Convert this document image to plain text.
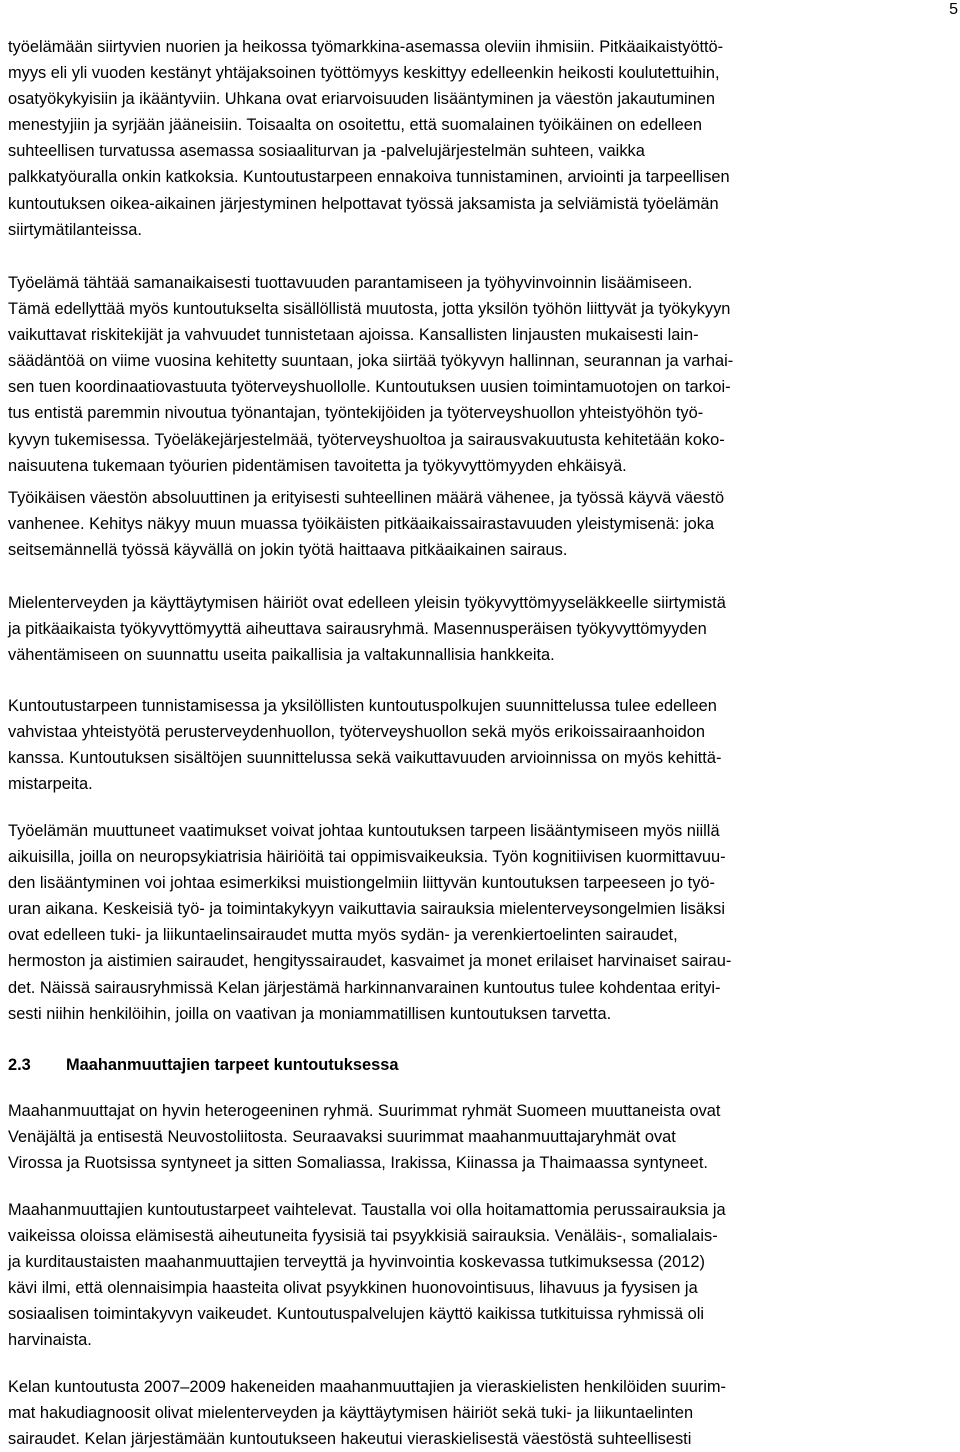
5
työelämään siirtyvien nuorien ja heikossa työmarkkina-asemassa oleviin ihmisiin. Pitkäaikaistyöttö-
myys eli yli vuoden kestänyt yhtäjaksoinen työttömyys keskittyy edelleenkin heikosti koulutettuihin,
osatyökykyisiin ja ikääntyviin. Uhkana ovat eriarvoisuuden lisääntyminen ja väestön jakautuminen
menestyjiin ja syrjään jääneisiin. Toisaalta on osoitettu, että suomalainen työikäinen on edelleen
suhteellisen turvatussa asemassa sosiaaliturvan ja -palvelujärjestelmän suhteen, vaikka
palkkatyöuralla onkin katkoksia. Kuntoutustarpeen ennakoiva tunnistaminen, arviointi ja tarpeellisen
kuntoutuksen oikea-aikainen järjestyminen helpottavat työssä jaksamista ja selviämistä työelämän
siirtymätilanteissa.
Työelämä tähtää samanaikaisesti tuottavuuden parantamiseen ja työhyvinvoinnin lisäämiseen.
Tämä edellyttää myös kuntoutukselta sisällöllistä muutosta, jotta yksilön työhön liittyvät ja työkykyyn
vaikuttavat riskitekijät ja vahvuudet tunnistetaan ajoissa. Kansallisten linjausten mukaisesti lain-
säädäntöä on viime vuosina kehitetty suuntaan, joka siirtää työkyvyn hallinnan, seurannan ja varhai-
sen tuen koordinaatiovastuuta työterveyshuollolle. Kuntoutuksen uusien toimintamuotojen on tarkoi-
tus entistä paremmin nivoutua työnantajan, työntekijöiden ja työterveyshuollon yhteistyöhön työ-
kyvyn tukemisessa. Työeläkejärjestelmää, työterveyshuoltoa ja sairausvakuutusta kehitetään koko-
naisuutena tukemaan työurien pidentämisen tavoitetta ja työkyvyttömyyden ehkäisyä.
Työikäisen väestön absoluuttinen ja erityisesti suhteellinen määrä vähenee, ja työssä käyvä väestö
vanhenee. Kehitys näkyy muun muassa työikäisten pitkäaikaissairastavuuden yleistymisenä: joka
seitsemännellä työssä käyvällä on jokin työtä haittaava pitkäaikainen sairaus.
Mielenterveyden ja käyttäytymisen häiriöt ovat edelleen yleisin työkyvyttömyyseläkkeelle siirtymistä
ja pitkäaikaista työkyvyttömyyttä aiheuttava sairausryhmä. Masennusperäisen työkyvyttömyyden
vähentämiseen on suunnattu useita paikallisia ja valtakunnallisia hankkeita.
Kuntoutustarpeen tunnistamisessa ja yksilöllisten kuntoutuspolkujen suunnittelussa tulee edelleen
vahvistaa yhteistyötä perusterveydenhuollon, työterveyshuollon sekä myös erikoissairaanhoidon
kanssa. Kuntoutuksen sisältöjen suunnittelussa sekä vaikuttavuuden arvioinnissa on myös kehittä-
mistarpeita.
Työelämän muuttuneet vaatimukset voivat johtaa kuntoutuksen tarpeen lisääntymiseen myös niillä
aikuisilla, joilla on neuropsykiatrisia häiriöitä tai oppimisvaikeuksia. Työn kognitiivisen kuormittavuu-
den lisääntyminen voi johtaa esimerkiksi muistiongelmiin liittyvän kuntoutuksen tarpeeseen jo työ-
uran aikana. Keskeisiä työ- ja toimintakykyyn vaikuttavia sairauksia mielenterveysongelmien lisäksi
ovat edelleen tuki- ja liikuntaelinsairaudet mutta myös sydän- ja verenkiertoelinten sairaudet,
hermoston ja aistimien sairaudet, hengityssairaudet, kasvaimet ja monet erilaiset harvinaiset sairau-
det. Näissä sairausryhmissä Kelan järjestämä harkinnanvarainen kuntoutus tulee kohdentaa erityi-
sesti niihin henkilöihin, joilla on vaativan ja moniammatillisen kuntoutuksen tarvetta.
2.3 Maahanmuuttajien tarpeet kuntoutuksessa
Maahanmuuttajat on hyvin heterogeeninen ryhmä. Suurimmat ryhmät Suomeen muuttaneista ovat
Venäjältä ja entisestä Neuvostoliitosta. Seuraavaksi suurimmat maahanmuuttajaryhmät ovat
Virossa ja Ruotsissa syntyneet ja sitten Somaliassa, Irakissa, Kiinassa ja Thaimaassa syntyneet.
Maahanmuuttajien kuntoutustarpeet vaihtelevat. Taustalla voi olla hoitamattomia perussairauksia ja
vaikeissa oloissa elämisestä aiheutuneita fyysisiä tai psyykkisiä sairauksia. Venäläis-, somalialais-
ja kurditaustaisten maahanmuuttajien terveyttä ja hyvinvointia koskevassa tutkimuksessa (2012)
kävi ilmi, että olennaisimpia haasteita olivat psyykkinen huonovointisuus, lihavuus ja fyysisen ja
sosiaalisen toimintakyvyn vaikeudet. Kuntoutuspalvelujen käyttö kaikissa tutkituissa ryhmissä oli
harvinaista.
Kelan kuntoutusta 2007–2009 hakeneiden maahanmuuttajien ja vieraskielisten henkilöiden suurim-
mat hakudiagnoosit olivat mielenterveyden ja käyttäytymisen häiriöt sekä tuki- ja liikuntaelinten
sairaudet. Kelan järjestämään kuntoutukseen hakeutui vieraskielisestä väestöstä suhteellisesti
